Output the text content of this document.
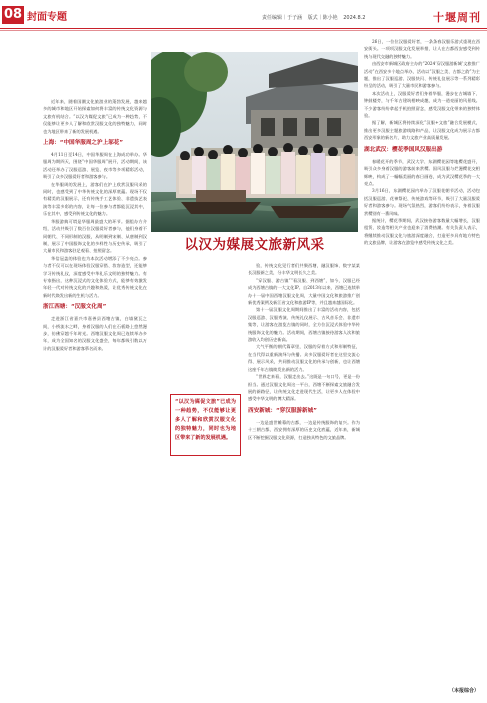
08 封面专题	责任编辑｜于子涵 版式｜陈小艳 2024.8.2	十堰周刊

近年来，随着国潮文化旅游业的蓬勃发展，越来越多的城市和地区开始探索如何将丰富的传统文化资源与文旅有机结合。“以汉为媒促文旅”已成为一种趋势，不仅能够让更多人了解和欣赏汉服文化的独特魅力，同时也为地区带来了新的发展机遇。

上海：“中国华服周之沪上邬花”

4月11日至14日，中国华服周在上海成功举办。华服周为期四天，围绕“中国华服周”展开，活动期间，该活动还举办了汉服巡游、展览、夜市等多项精彩活动，吸引了众多汉服爱好者和游客参与。

在华服周的发展上，游客们在沪上欣赏汉服风采的同时，也感受到了中华传统文化的深厚底蕴。现场不仅有精美的汉服展示，还有传统手工艺体验、非遗技艺表演等丰富多彩的内容，让每一位参与者都能沉浸其中，乐在其中，感受到传统文化的魅力。

华服游典可谓是华服周最盛大的环节。据组办方介绍，活动共吸引了数百位汉服爱好者参与，他们身着不同朝代、不同形制的汉服，从明制到宋制、从唐制到汉制，展示了中国服饰文化的多样性与历史传承，吸引了大量市民和游客驻足观看、拍照留念。

华信冠盖的体验也为本次活动增添了不少亮点。参与者不仅可以在现场体验汉服穿搭、妆容造型，还能够学习传统礼仪，深度感受中华礼乐文明的独特魅力。有专家指出，这种沉浸式的文化体验方式，能够有效激发年轻一代对传统文化的兴趣和热爱，让优秀传统文化在新时代焕发出新的生机与活力。

浙江西塘：“汉服文化周”

走进浙江省嘉兴市嘉善县西塘古镇，白墙黛瓦之间，小桥流水之畔，身着汉服的人们在石板路上悠然漫步，仿佛穿越千年时光。西塘汉服文化周已连续举办多年，成为全国知名的汉服文化盛会，每年都吸引数以万计的汉服爱好者和游客慕名而来。

验，传统文化见行者们共聚西塘，融汉服饰、数字某某长汉服新之美，分丰华文明长久之美。

“穿汉服、游古镇”“看汉服、到西塘”，如今，汉服已经成为西塘古镇的一大文化IP。自2013年以来，西塘已连续举办十一届中国西塘汉服文化周，大量中国文化和旅游推广创新优秀案例及新江省文化和旅游IP等，并且越来越国际化。

第十一届汉服文化周期间推出了丰富的活动内容，包括汉服巡游、汉服秀演、传统礼仪展示、古风音乐会、非遗市集等，让游客在游览古镇的同时，全方位沉浸式体验中华传统服饰文化的魅力。活动期间，西塘古镇接待游客人次和旅游收入均创历史新高。

大气平衡的朝代篇章里，汉服的穿着方式和形制特征，在当代得以重新演绎与传播。众多汉服爱好者在这里交流心得、展示风采，共同推动汉服文化的传承与创新，也让西塘这座千年古镇焕发出新的活力。

“世界走来看，汉服走出去。”这既是一句口号，更是一份担当。通过汉服文化周这一平台，西塘不断探索文旅融合发展的新路径，让传统文化走进现代生活，让更多人在体验中感受中华文明的博大精深。

西安新城：“穿汉服游新城”

一边是盛世帷幕的古都，一边是传统服饰的复兴。作为十三朝古都，西安拥有深厚的历史文化底蕴，近年来，新城区不断挖掘汉服文化资源，打造独具特色的文旅品牌。

26日，一位位汉服爱好者，一条条春汉服乐游式重现在西安街头。一项项汉服文化发展举措，让人在古都西安感受到传统与现代交融的独特魅力。

由西安市新城区政府主办的“2024‘穿汉服游新城’文旅推广活动”在西安多个地点举办，活动以“汉服之美、古都之韵”为主题，推出了汉服巡游、汉服快闪、传统礼仪展示等一系列精彩纷呈的活动，吸引了大量市民和游客参与。

本次活动上，汉服爱好者们身着华服，漫步在古城墙下、钟鼓楼旁，与千年古建筑相映成趣，成为一道亮丽的风景线。不少游客纷纷拿起手机拍照留念，感受汉服文化带来的独特体验。

据了解，新城区将持续深化“汉服+文旅”融合发展模式，推出更多汉服主题旅游线路和产品，让汉服文化成为展示古都西安形象的新名片，助力文旅产业高质量发展。

湖北武汉：樱花季国风汉服出游

春暖花开的季节，武汉大学、东湖樱花园等地樱花盛开，吸引众多身着汉服的游客前来赏樱。国风汉服与烂漫樱花交相辉映，构成了一幅幅美丽的春日画卷，成为武汉樱花季的一大亮点。

3月16日，东湖樱花园内举办了汉服花朝节活动，活动包括汉服巡游、花神祭祀、传统游戏等环节，吸引了大量汉服爱好者和游客参与。现场气氛热烈，游客们纷纷表示，身着汉服赏樱别有一番风味。

据统计，樱花季期间，武汉接待游客数量大幅增长，汉服租赁、妆造等相关产业也迎来了消费热潮。有关负责人表示，将继续推动汉服文化与旅游深度融合，打造更多具有地方特色的文旅品牌，让游客在游览中感受传统文化之美。

以汉为媒展文旅新风采

“以汉为媒促文旅”已成为一种趋势，不仅能够让更多人了解和欣赏汉服文化的独特魅力，同时也为地区带来了新的发展机遇。

（本报综合）
